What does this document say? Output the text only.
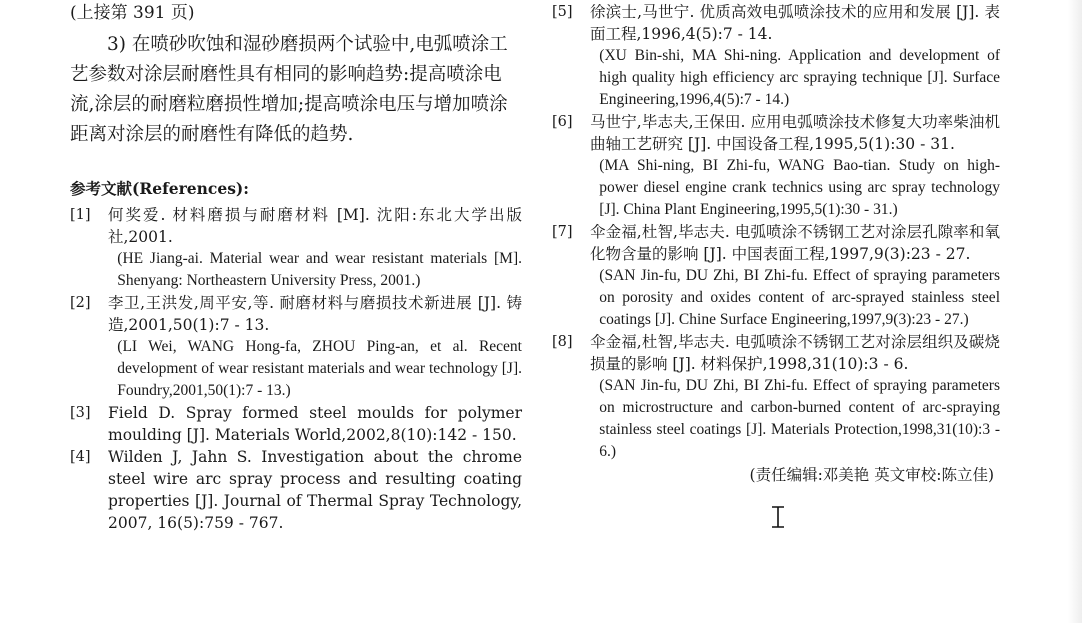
(上接第 391 页)
3) 在喷砂吹蚀和湿砂磨损两个试验中,电弧喷涂工艺参数对涂层耐磨性具有相同的影响趋势:提高喷涂电流,涂层的耐磨粒磨损性增加;提高喷涂电压与增加喷涂距离对涂层的耐磨性有降低的趋势.
参考文献(References):
[1]	何奖爱. 材料磨损与耐磨材料 [M]. 沈阳:东北大学出版社,2001.
(HE Jiang-ai. Material wear and wear resistant materials [M]. Shenyang: Northeastern University Press, 2001.)
[2]	李卫,王洪发,周平安,等. 耐磨材料与磨损技术新进展 [J]. 铸造,2001,50(1):7 - 13.
(LI Wei, WANG Hong-fa, ZHOU Ping-an, et al. Recent development of wear resistant materials and wear technology [J]. Foundry,2001,50(1):7 - 13.)
[3]	Field D. Spray formed steel moulds for polymer moulding [J]. Materials World,2002,8(10):142 - 150.
[4]	Wilden J, Jahn S. Investigation about the chrome steel wire arc spray process and resulting coating properties [J]. Journal of Thermal Spray Technology, 2007, 16(5):759 - 767.
[5]	徐滨士,马世宁. 优质高效电弧喷涂技术的应用和发展 [J]. 表面工程,1996,4(5):7 - 14.
(XU Bin-shi, MA Shi-ning. Application and development of high quality high efficiency arc spraying technique [J]. Surface Engineering,1996,4(5):7 - 14.)
[6]	马世宁,毕志夫,王保田. 应用电弧喷涂技术修复大功率柴油机曲轴工艺研究 [J]. 中国设备工程,1995,5(1):30 - 31.
(MA Shi-ning, BI Zhi-fu, WANG Bao-tian. Study on high-power diesel engine crank technics using arc spray technology [J]. China Plant Engineering,1995,5(1):30 - 31.)
[7]	伞金福,杜智,毕志夫. 电弧喷涂不锈钢工艺对涂层孔隙率和氧化物含量的影响 [J]. 中国表面工程,1997,9(3):23 - 27.
(SAN Jin-fu, DU Zhi, BI Zhi-fu. Effect of spraying parameters on porosity and oxides content of arc-sprayed stainless steel coatings [J]. Chine Surface Engineering,1997,9(3):23 - 27.)
[8]	伞金福,杜智,毕志夫. 电弧喷涂不锈钢工艺对涂层组织及碳烧损量的影响 [J]. 材料保护,1998,31(10):3 - 6.
(SAN Jin-fu, DU Zhi, BI Zhi-fu. Effect of spraying parameters on microstructure and carbon-burned content of arc-spraying stainless steel coatings [J]. Materials Protection,1998,31(10):3 - 6.)
(责任编辑:邓美艳 英文审校:陈立佳)
